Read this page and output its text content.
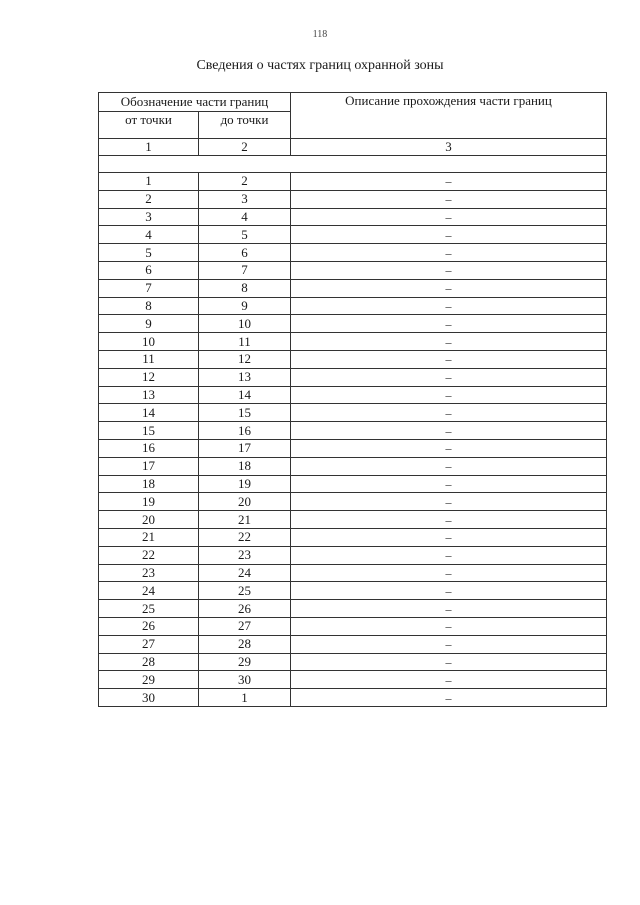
118
Сведения о частях границ охранной зоны
Обозначение части границ		Описание прохождения части границ
от точки	до точки	
1	2	3

1	2	–
2	3	–
3	4	–
4	5	–
5	6	–
6	7	–
7	8	–
8	9	–
9	10	–
10	11	–
11	12	–
12	13	–
13	14	–
14	15	–
15	16	–
16	17	–
17	18	–
18	19	–
19	20	–
20	21	–
21	22	–
22	23	–
23	24	–
24	25	–
25	26	–
26	27	–
27	28	–
28	29	–
29	30	–
30	1	–
